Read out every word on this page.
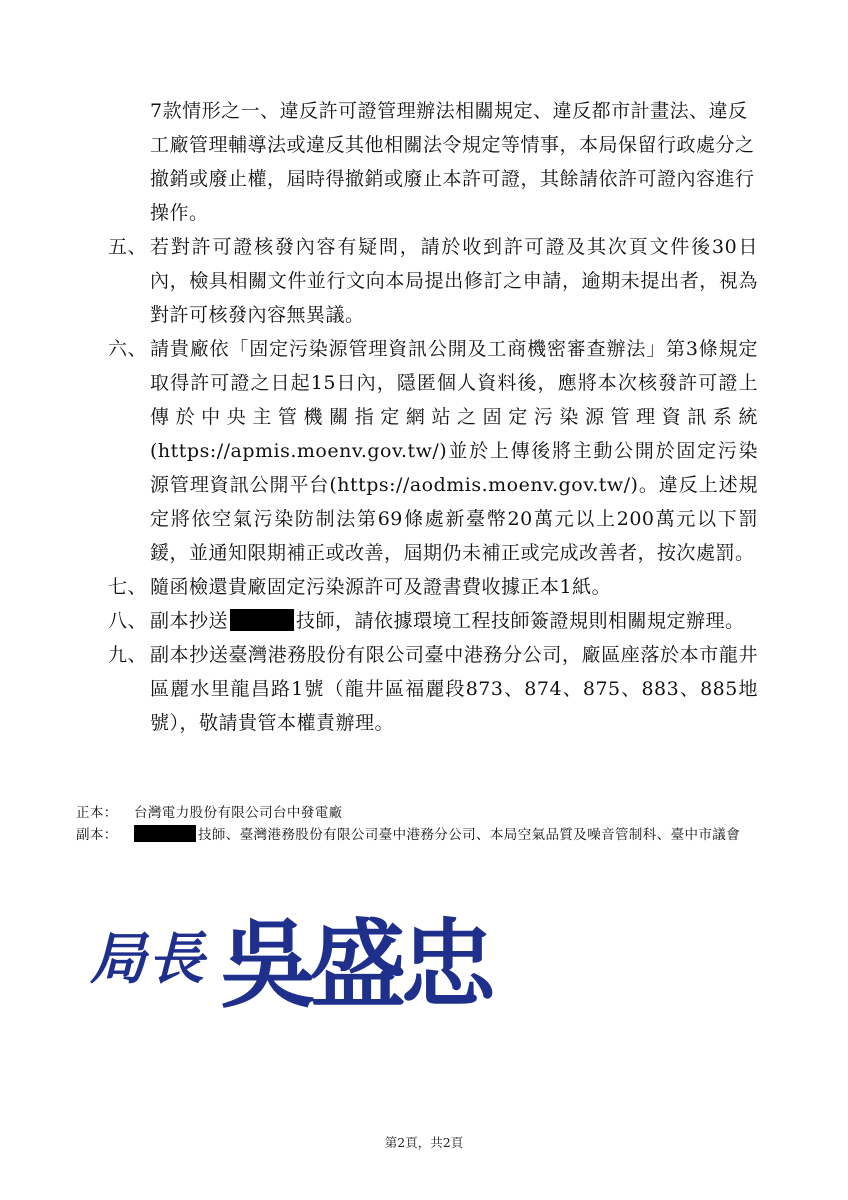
7款情形之一、違反許可證管理辦法相關規定、違反都市計畫法、違反工廠管理輔導法或違反其他相關法令規定等情事，本局保留行政處分之撤銷或廢止權，屆時得撤銷或廢止本許可證，其餘請依許可證內容進行操作。
五、 若對許可證核發內容有疑問，請於收到許可證及其次頁文件後30日內，檢具相關文件並行文向本局提出修訂之申請，逾期未提出者，視為對許可核發內容無異議。
六、 請貴廠依「固定污染源管理資訊公開及工商機密審查辦法」第3條規定取得許可證之日起15日內，隱匿個人資料後，應將本次核發許可證上傳於中央主管機關指定網站之固定污染源管理資訊系統(https://apmis.moenv.gov.tw/)並於上傳後將主動公開於固定污染源管理資訊公開平台(https://aodmis.moenv.gov.tw/)。違反上述規定將依空氣污染防制法第69條處新臺幣20萬元以上200萬元以下罰鍰，並通知限期補正或改善，屆期仍未補正或完成改善者，按次處罰。
七、 隨函檢還貴廠固定污染源許可及證書費收據正本1紙。
八、 副本抄送	技師，請依據環境工程技師簽證規則相關規定辦理。
九、 副本抄送臺灣港務股份有限公司臺中港務分公司，廠區座落於本市龍井區麗水里龍昌路1號（龍井區福麗段873、874、875、883、885地號），敬請貴管本權責辦理。
正本：	台灣電力股份有限公司台中發電廠
副本：	技師、臺灣港務股份有限公司臺中港務分公司、本局空氣品質及噪音管制科、臺中市議會
局長 吳盛忠
第2頁，共2頁
